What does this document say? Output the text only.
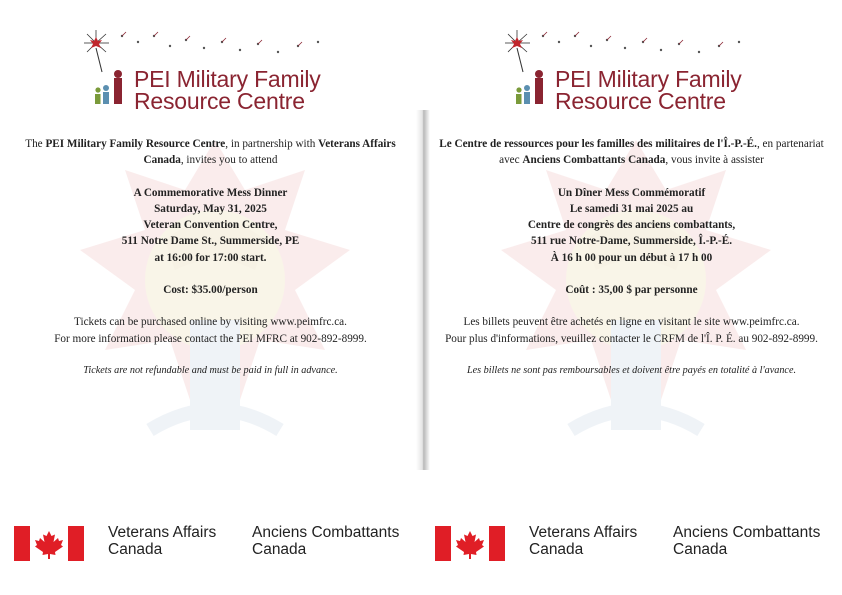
PEI Military Family
Resource Centre

The PEI Military Family Resource Centre, in partnership with Veterans Affairs Canada, invites you to attend

A Commemorative Mess Dinner

Saturday, May 31, 2025

Veteran Convention Centre,

511 Notre Dame St., Summerside, PE

at 16:00 for 17:00 start.

Cost: $35.00/person

Tickets can be purchased online by visiting www.peimfrc.ca.

For more information please contact the PEI MFRC at 902-892-8999.

Tickets are not refundable and must be paid in full in advance.

Veterans Affairs
Canada
Anciens Combattants
Canada
PEI Military Family
Resource Centre

Le Centre de ressources pour les familles des militaires de l'Î.-P.-É., en partenariat avec Anciens Combattants Canada, vous invite à assister

Un Dîner Mess Commémoratif

Le samedi 31 mai 2025 au

Centre de congrès des anciens combattants,

511 rue Notre-Dame, Summerside, Î.-P.-É.

À 16 h 00 pour un début à 17 h 00

Coût : 35,00 $ par personne

Les billets peuvent être achetés en ligne en visitant le site www.peimfrc.ca.

Pour plus d'informations, veuillez contacter le CRFM de l'Î. P. É. au 902-892-8999.

Les billets ne sont pas remboursables et doivent être payés en totalité à l'avance.

Veterans Affairs
Canada
Anciens Combattants
Canada
